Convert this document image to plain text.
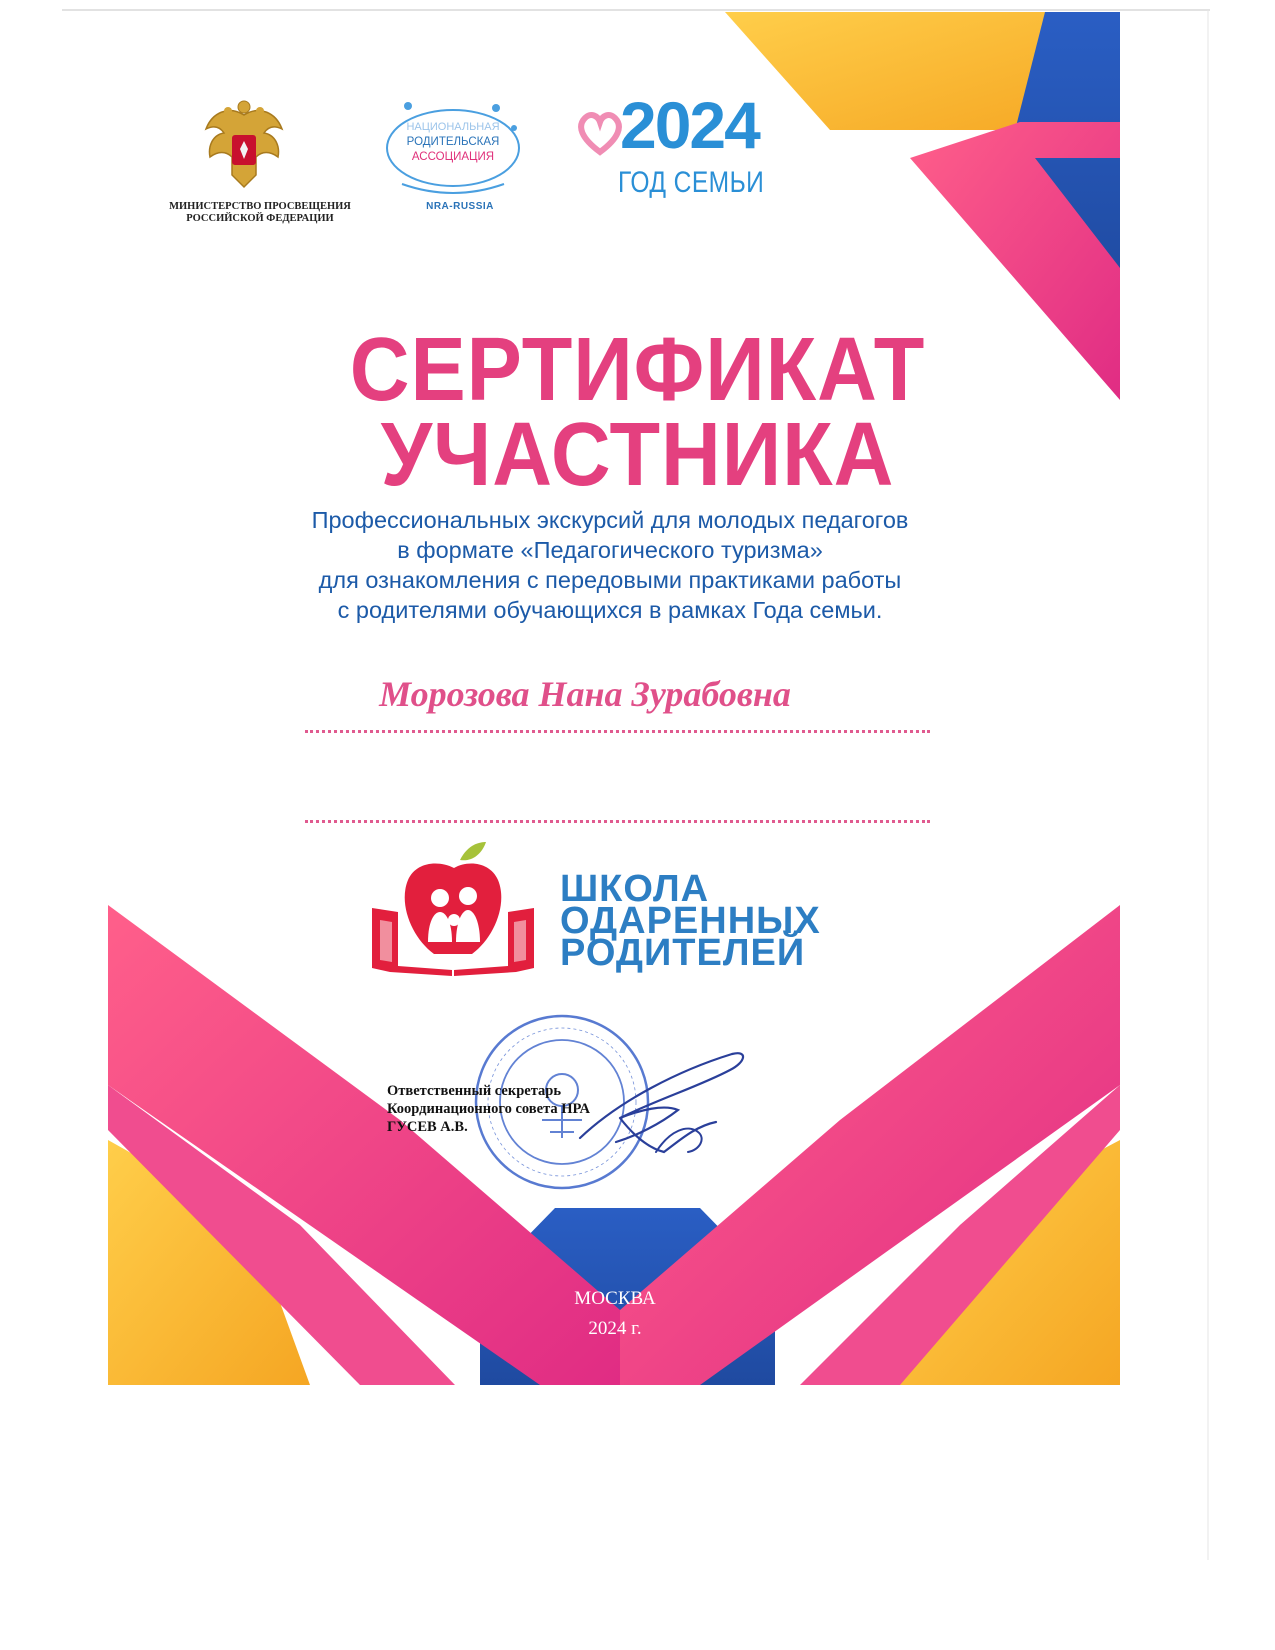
МИНИСТЕРСТВО ПРОСВЕЩЕНИЯ
РОССИЙСКОЙ ФЕДЕРАЦИИ
НАЦИОНАЛЬНАЯ
РОДИТЕЛЬСКАЯ
АССОЦИАЦИЯ
NRA-RUSSIA
2024
ГОД СЕМЬИ
СЕРТИФИКАТ
УЧАСТНИКА
Профессиональных экскурсий для молодых педагогов
в формате «Педагогического туризма»
для ознакомления с передовыми практиками работы
с родителями обучающихся в рамках Года семьи.
Морозова Нана Зурабовна
ШКОЛА
ОДАРЕННЫХ
РОДИТЕЛЕЙ
Ответственный секретарь
Координационного совета НРА
ГУСЕВ А.В.
МОСКВА
2024 г.
